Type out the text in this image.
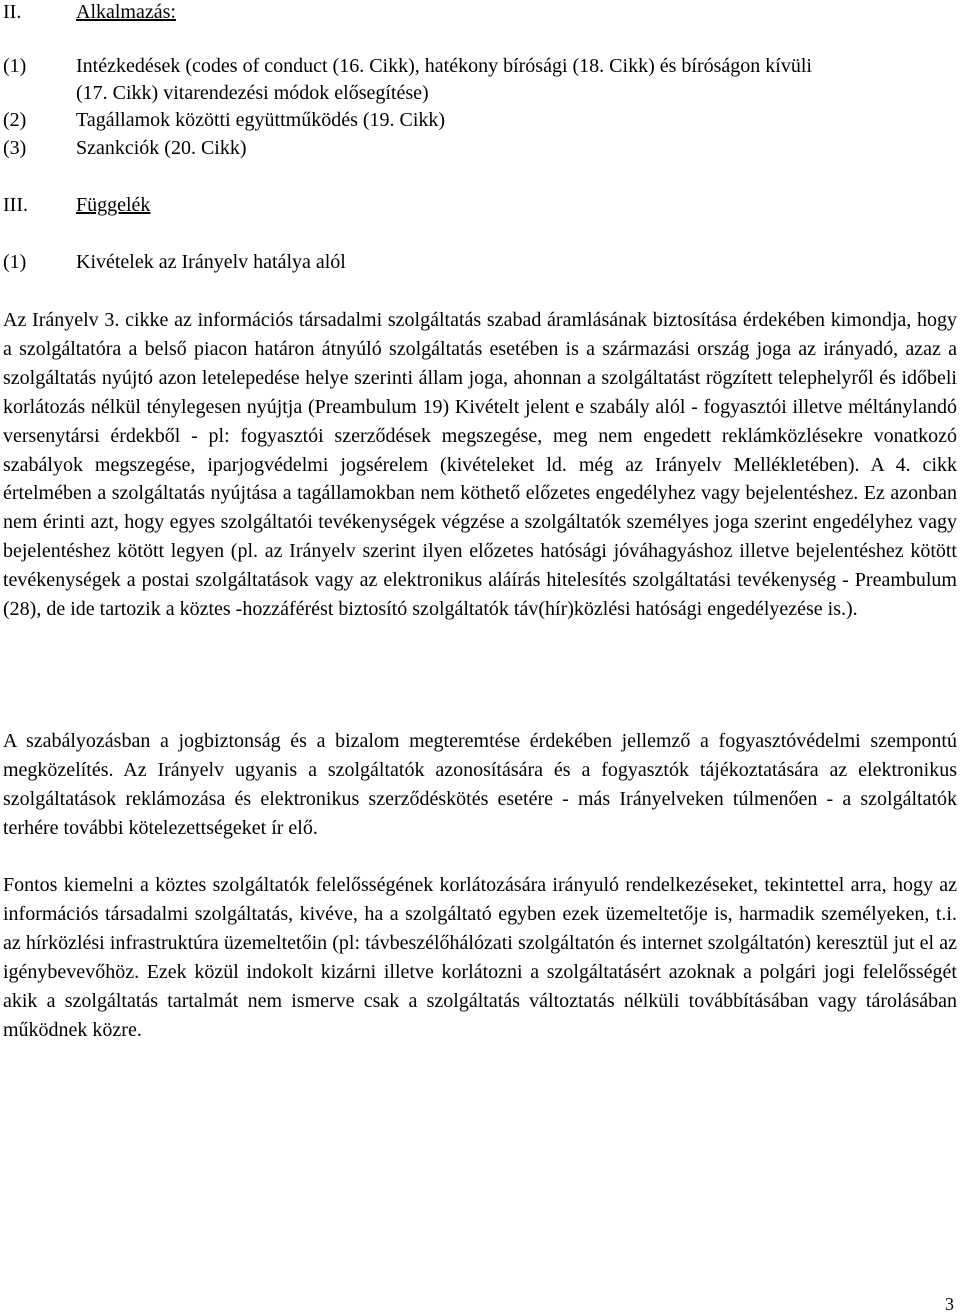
II.	Alkalmazás:
(1) Intézkedések (codes of conduct (16. Cikk), hatékony bírósági (18. Cikk) és bíróságon kívüli
(17. Cikk) vitarendezési módok elősegítése)
(2) Tagállamok közötti együttműködés (19. Cikk)
(3) Szankciók (20. Cikk)
III. Függelék
(1) Kivételek az Irányelv hatálya alól

Az Irányelv 3. cikke az információs társadalmi szolgáltatás szabad áramlásának biztosítása érdekében kimondja, hogy a szolgáltatóra a belső piacon határon átnyúló szolgáltatás esetében is a származási ország joga az irányadó, azaz a szolgáltatás nyújtó azon letelepedése helye szerinti állam joga, ahonnan a szolgáltatást rögzített telephelyről és időbeli korlátozás nélkül ténylegesen nyújtja (Preambulum 19) Kivételt jelent e szabály alól - fogyasztói illetve méltánylandó versenytársi érdekből - pl: fogyasztói szerződések megszegése, meg nem engedett reklámközlésekre vonatkozó szabályok megszegése, iparjogvédelmi jogsérelem (kivételeket ld. még az Irányelv Mellékletében). A 4. cikk értelmében a szolgáltatás nyújtása a tagállamokban nem köthető előzetes engedélyhez vagy bejelentéshez. Ez azonban nem érinti azt, hogy egyes szolgáltatói tevékenységek végzése a szolgáltatók személyes joga szerint engedélyhez vagy bejelentéshez kötött legyen (pl. az Irányelv szerint ilyen előzetes hatósági jóváhagyáshoz illetve bejelentéshez kötött tevékenységek a postai szolgáltatások vagy az elektronikus aláírás hitelesítés szolgáltatási tevékenység - Preambulum (28), de ide tartozik a köztes -hozzáférést biztosító szolgáltatók táv(hír)közlési hatósági engedélyezése is.).

A szabályozásban a jogbiztonság és a bizalom megteremtése érdekében jellemző a fogyasztóvédelmi szempontú megközelítés. Az Irányelv ugyanis a szolgáltatók azonosítására és a fogyasztók tájékoztatására az elektronikus szolgáltatások reklámozása és elektronikus szerződéskötés esetére - más Irányelveken túlmenően - a szolgáltatók terhére további kötelezettségeket ír elő.

Fontos kiemelni a köztes szolgáltatók felelősségének korlátozására irányuló rendelkezéseket, tekintettel arra, hogy az információs társadalmi szolgáltatás, kivéve, ha a szolgáltató egyben ezek üzemeltetője is, harmadik személyeken, t.i. az hírközlési infrastruktúra üzemeltetőin (pl: távbeszélőhálózati szolgáltatón és internet szolgáltatón) keresztül jut el az igénybevevőhöz. Ezek közül indokolt kizárni illetve korlátozni a szolgáltatásért azoknak a polgári jogi felelősségét akik a szolgáltatás tartalmát nem ismerve csak a szolgáltatás változtatás nélküli továbbításában vagy tárolásában működnek közre.

3
